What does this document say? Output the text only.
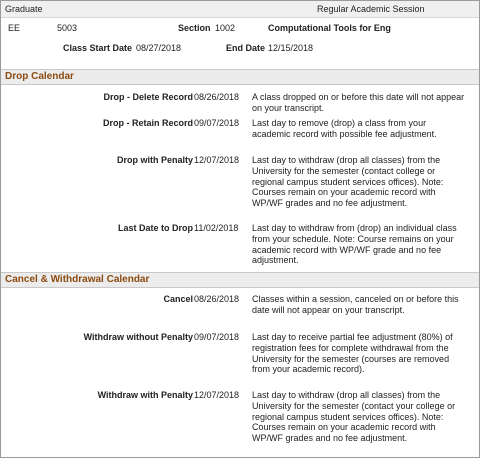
Graduate	Regular Academic Session
EE	5003	Section 1002	Computational Tools for Eng
Class Start Date 08/27/2018	End Date 12/15/2018
Drop Calendar
Drop - Delete Record 08/26/2018 A class dropped on or before this date will not appear on your transcript.
Drop - Retain Record 09/07/2018 Last day to remove (drop) a class from your academic record with possible fee adjustment.
Drop with Penalty 12/07/2018 Last day to withdraw (drop all classes) from the University for the semester (contact college or regional campus student services offices). Note: Courses remain on your academic record with WP/WF grades and no fee adjustment.
Last Date to Drop 11/02/2018 Last day to withdraw from (drop) an individual class from your schedule. Note: Course remains on your academic record with WP/WF grade and no fee adjustment.
Cancel & Withdrawal Calendar
Cancel 08/26/2018 Classes within a session, canceled on or before this date will not appear on your transcript.
Withdraw without Penalty 09/07/2018 Last day to receive partial fee adjustment (80%) of registration fees for complete withdrawal from the University for the semester (courses are removed from your academic record).
Withdraw with Penalty 12/07/2018 Last day to withdraw (drop all classes) from the University for the semester (contact your college or regional campus student services offices). Note: Courses remain on your academic record with WP/WF grades and no fee adjustment.
